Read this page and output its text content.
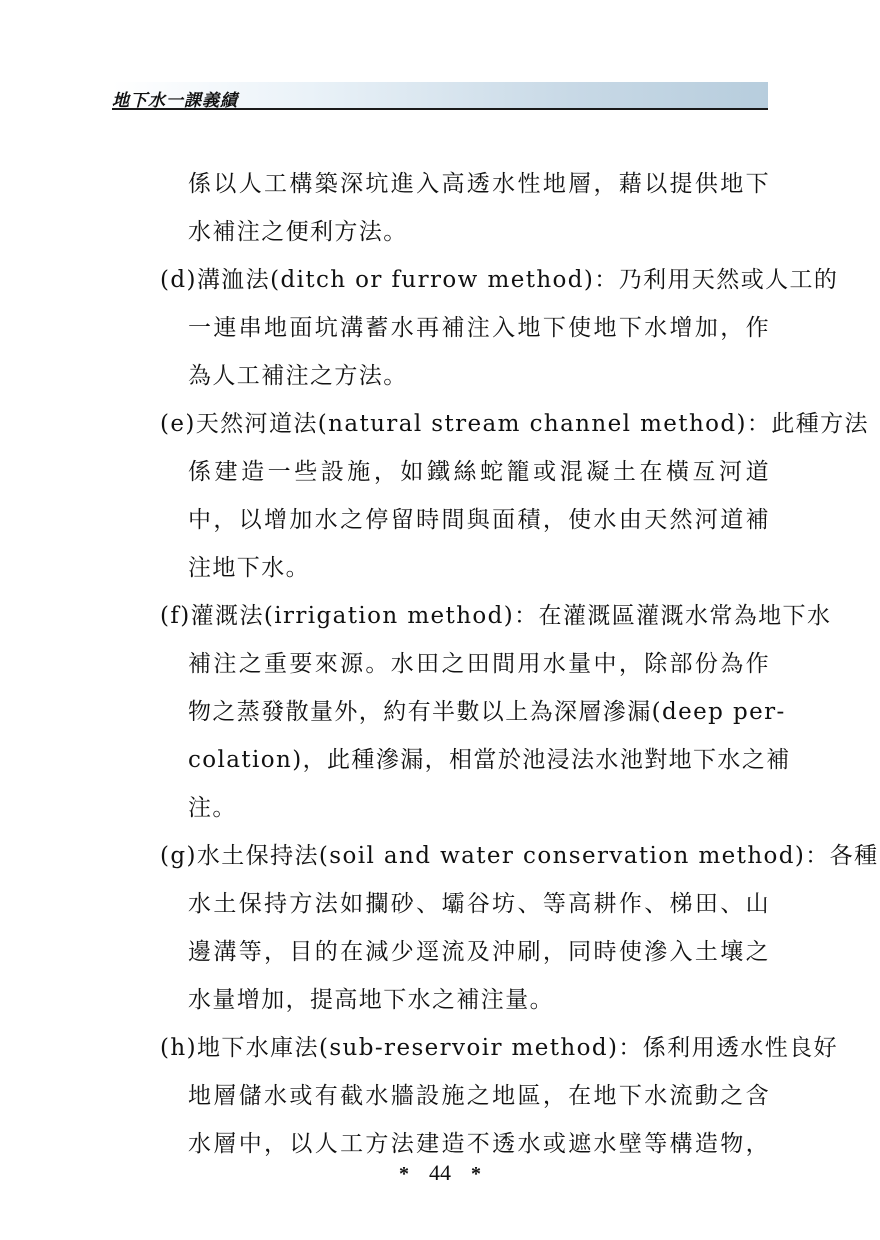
地下水一課義績
係以人工構築深坑進入高透水性地層，藉以提供地下
水補注之便利方法。
(d)溝洫法(ditch or furrow method)：乃利用天然或人工的
一連串地面坑溝蓄水再補注入地下使地下水增加，作
為人工補注之方法。
(e)天然河道法(natural stream channel method)：此種方法
係建造一些設施，如鐵絲蛇籠或混凝土在橫亙河道
中，以增加水之停留時間與面積，使水由天然河道補
注地下水。
(f)灌溉法(irrigation method)：在灌溉區灌溉水常為地下水
補注之重要來源。水田之田間用水量中，除部份為作
物之蒸發散量外，約有半數以上為深層滲漏(deep per-
colation)，此種滲漏，相當於池浸法水池對地下水之補
注。
(g)水土保持法(soil and water conservation method)：各種
水土保持方法如攔砂、壩谷坊、等高耕作、梯田、山
邊溝等，目的在減少逕流及沖刷，同時使滲入土壤之
水量增加，提高地下水之補注量。
(h)地下水庫法(sub-reservoir method)：係利用透水性良好
地層儲水或有截水牆設施之地區，在地下水流動之含
水層中，以人工方法建造不透水或遮水壁等構造物，
* 44 *
